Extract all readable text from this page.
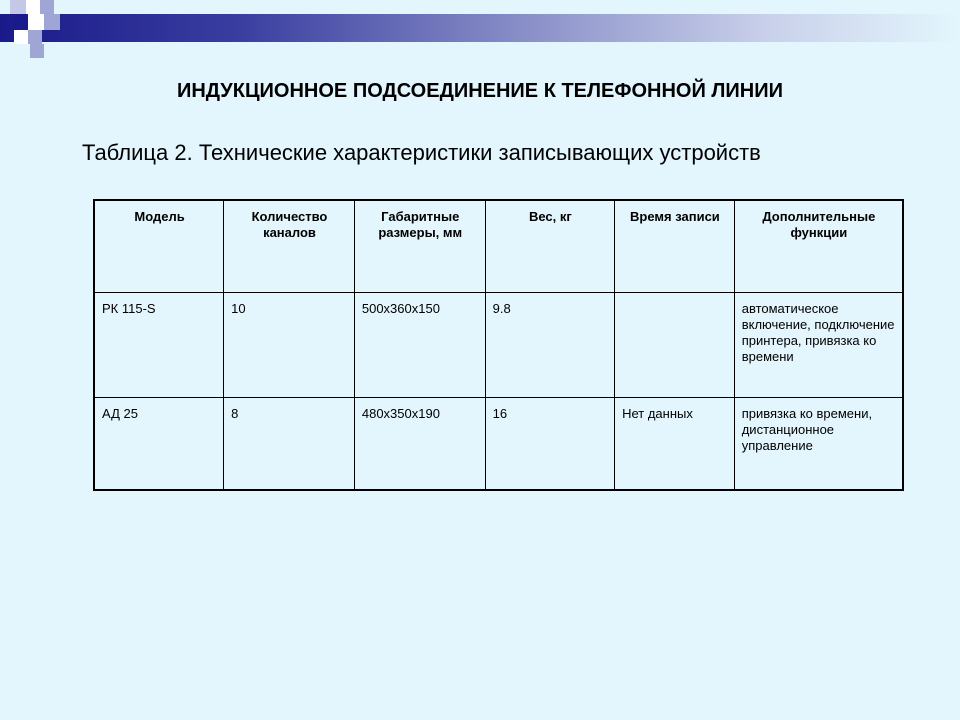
ИНДУКЦИОННОЕ ПОДСОЕДИНЕНИЕ К ТЕЛЕФОННОЙ ЛИНИИ
Таблица 2. Технические характеристики записывающих устройств
Модель	Количество каналов	Габаритные размеры, мм	Вес, кг	Время записи	Дополнительные функции
РК 115-S	10	500x360x150	9.8		автоматическое включение, подключение принтера, привязка ко времени
АД 25	8	480x350x190	16	Нет данных	привязка ко времени, дистанционное управление
